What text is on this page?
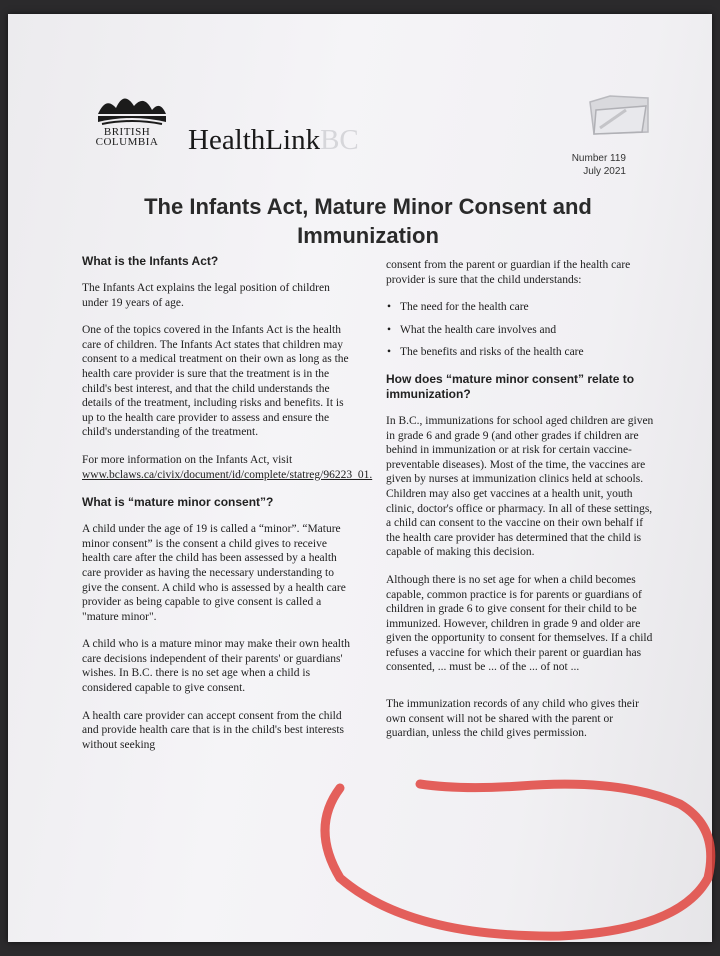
BRITISH
COLUMBIA	HealthLinkBC
Number 119
July 2021
The Infants Act, Mature Minor Consent and
Immunization
What is the Infants Act?

The Infants Act explains the legal position of children under 19 years of age.

One of the topics covered in the Infants Act is the health care of children. The Infants Act states that children may consent to a medical treatment on their own as long as the health care provider is sure that the treatment is in the child's best interest, and that the child understands the details of the treatment, including risks and benefits. It is up to the health care provider to assess and ensure the child's understanding of the treatment.

For more information on the Infants Act, visit www.bclaws.ca/civix/document/id/complete/statreg/96223_01.

What is “mature minor consent”?

A child under the age of 19 is called a “minor”. “Mature minor consent” is the consent a child gives to receive health care after the child has been assessed by a health care provider as having the necessary understanding to give the consent. A child who is assessed by a health care provider as being capable to give consent is called a "mature minor".

A child who is a mature minor may make their own health care decisions independent of their parents' or guardians' wishes. In B.C. there is no set age when a child is considered capable to give consent.

A health care provider can accept consent from the child and provide health care that is in the child's best interests without seeking

consent from the parent or guardian if the health care provider is sure that the child understands:

• The need for the health care
• What the health care involves and
• The benefits and risks of the health care
How does “mature minor consent” relate to immunization?

In B.C., immunizations for school aged children are given in grade 6 and grade 9 (and other grades if children are behind in immunization or at risk for certain vaccine-preventable diseases). Most of the time, the vaccines are given by nurses at immunization clinics held at schools. Children may also get vaccines at a health unit, youth clinic, doctor's office or pharmacy. In all of these settings, a child can consent to the vaccine on their own behalf if the health care provider has determined that the child is capable of making this decision.

Although there is no set age for when a child becomes capable, common practice is for parents or guardians of children in grade 6 to give consent for their child to be immunized. However, children in grade 9 and older are given the opportunity to consent for themselves. If a child refuses a vaccine for which their parent or guardian has consented, ... must be ... of the ... of not ...

The immunization records of any child who gives their own consent will not be shared with the parent or guardian, unless the child gives permission.
